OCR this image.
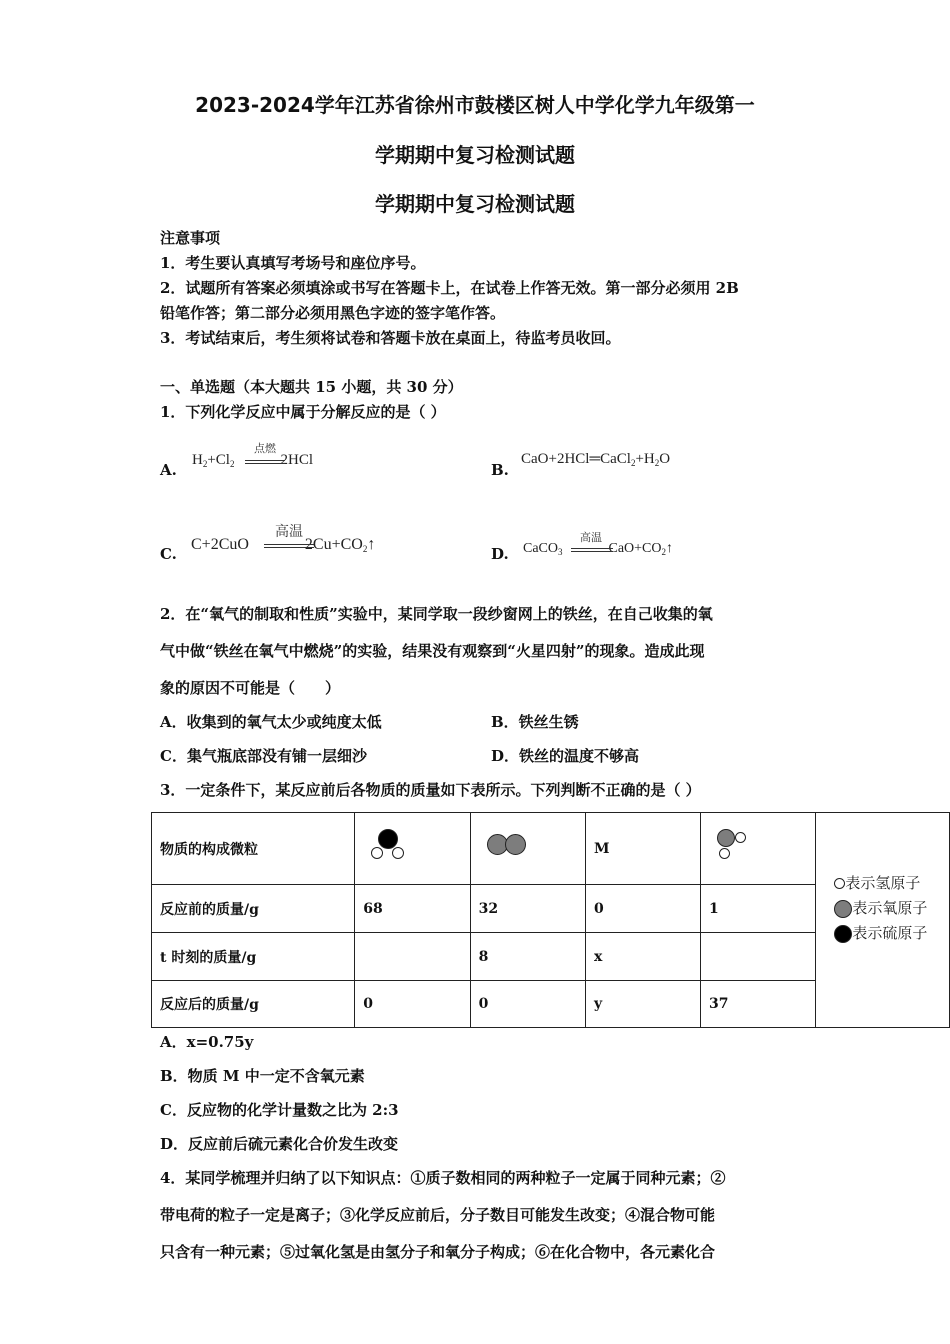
2023-2024学年江苏省徐州市鼓楼区树人中学化学九年级第一
学期期中复习检测试题
学期期中复习检测试题
注意事项
1．考生要认真填写考场号和座位序号。
2．试题所有答案必须填涂或书写在答题卡上，在试卷上作答无效。第一部分必须用 2B
铅笔作答；第二部分必须用黑色字迹的签字笔作答。
3．考试结束后，考生须将试卷和答题卡放在桌面上，待监考员收回。
一、单选题（本大题共 15 小题，共 30 分）
1．下列化学反应中属于分解反应的是（ ）
A.
$H_2+Cl_2$	2HCl
点燃
B.
$CaO+2HCl═CaCl_2+H_2O$
C.
C+2CuO	$2Cu+CO_2↑$
高温
D. CaCO$_3$	$CaO+CO_2↑$
高温
2．在“氧气的制取和性质”实验中，某同学取一段纱窗网上的铁丝，在自己收集的氧
气中做“铁丝在氧气中燃烧”的实验，结果没有观察到“火星四射”的现象。造成此现
象的原因不可能是（　　）
A．收集到的氧气太少或纯度太低	B．铁丝生锈
C．集气瓶底部没有铺一层细沙	D．铁丝的温度不够高
3．一定条件下，某反应前后各物质的质量如下表所示。下列判断不正确的是（ ）
物质的构成微粒			M		表示氢原子
表示氧原子
表示硫原子

反应前的质量/g	68	32	0	1	
t 时刻的质量/g		8	x		
反应后的质量/g	0	0	y	37	
A．x=0.75y
B．物质 M 中一定不含氧元素
C．反应物的化学计量数之比为 2:3
D．反应前后硫元素化合价发生改变
4．某同学梳理并归纳了以下知识点：①质子数相同的两种粒子一定属于同种元素；②
带电荷的粒子一定是离子；③化学反应前后，分子数目可能发生改变；④混合物可能
只含有一种元素；⑤过氧化氢是由氢分子和氧分子构成；⑥在化合物中，各元素化合
